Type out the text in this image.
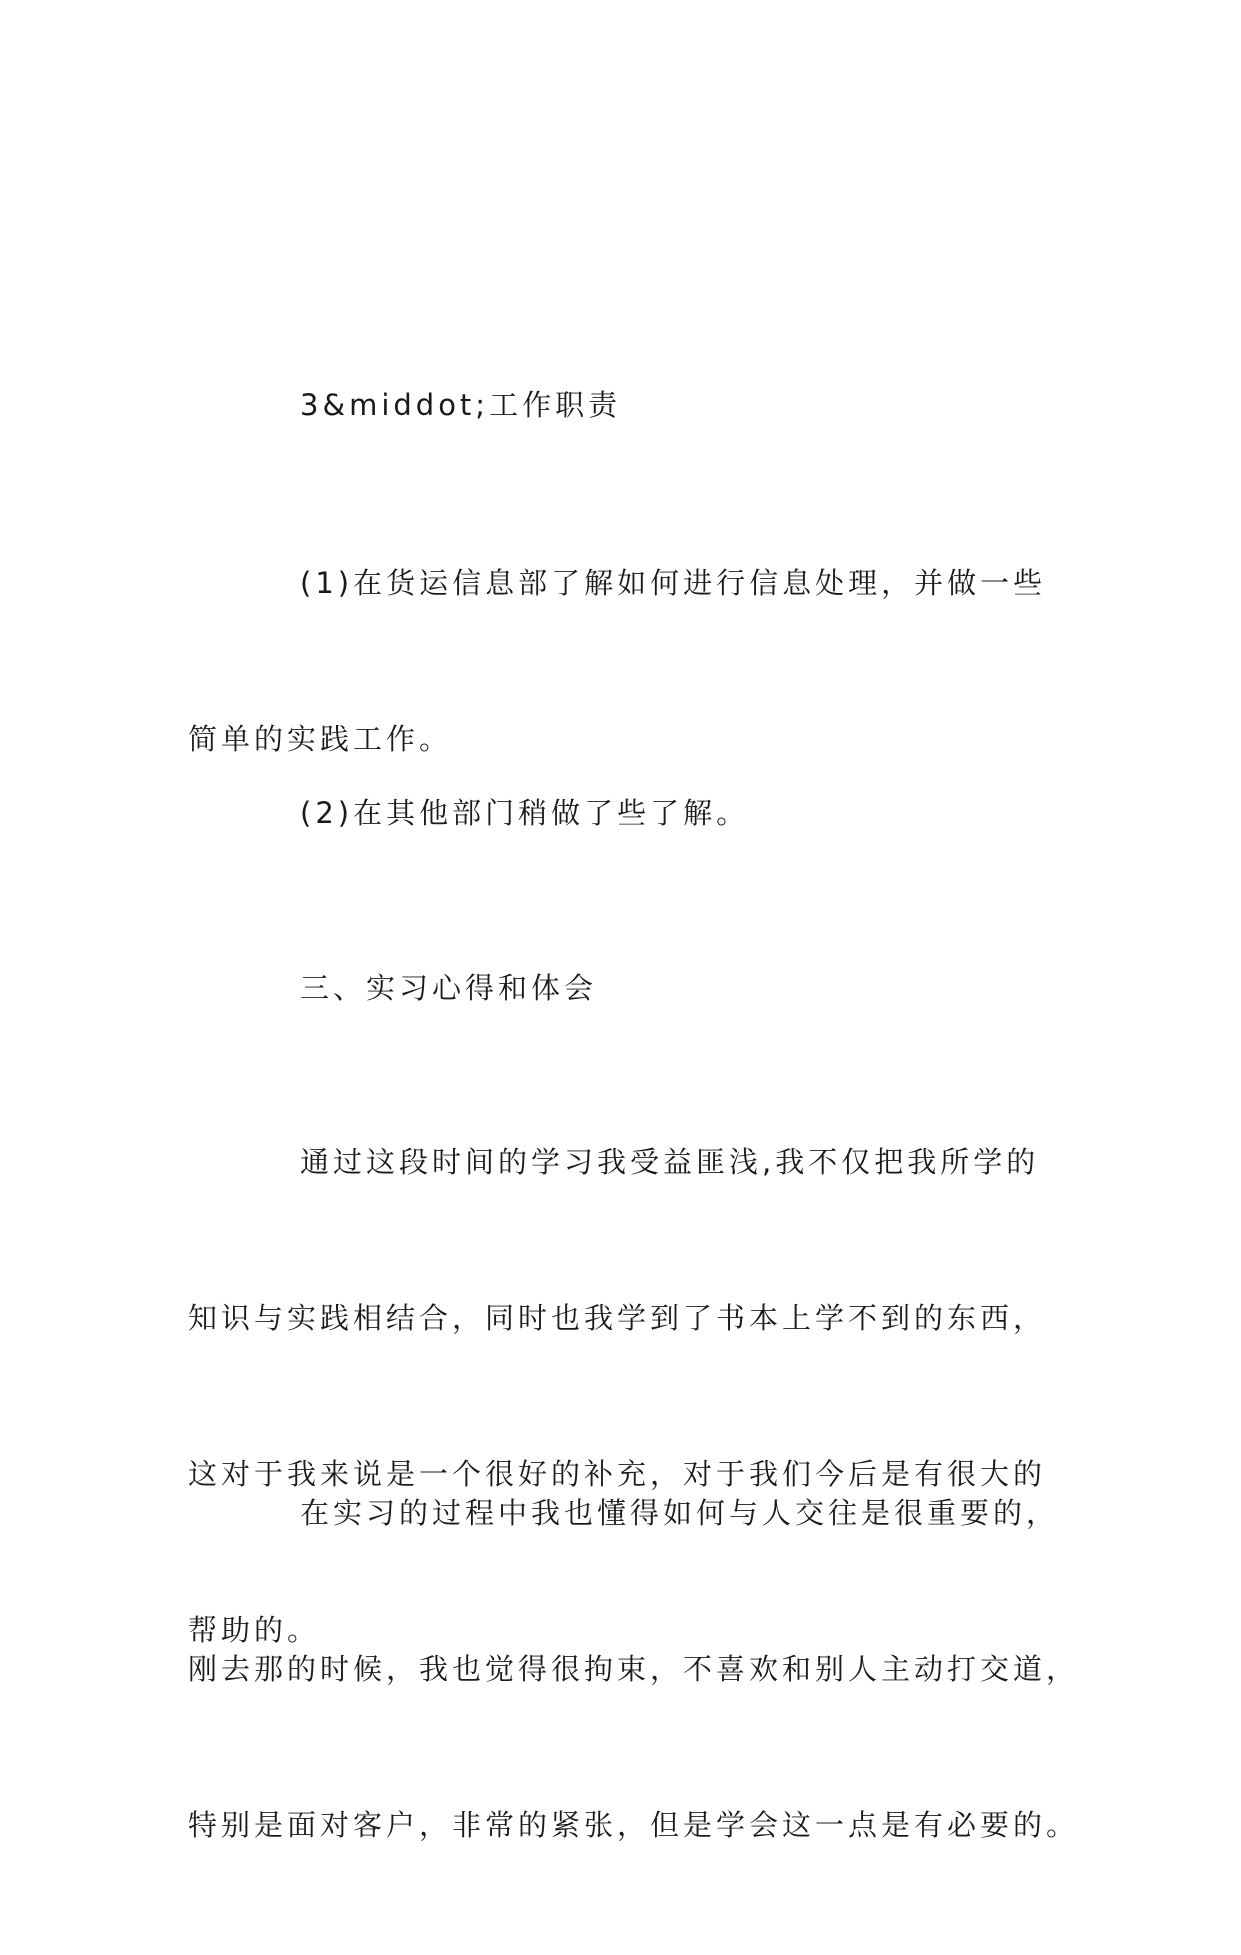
3&middot;工作职责

(1)在货运信息部了解如何进行信息处理，并做一些

简单的实践工作。

(2)在其他部门稍做了些了解。

三、实习心得和体会

通过这段时间的学习我受益匪浅,我不仅把我所学的

知识与实践相结合，同时也我学到了书本上学不到的东西，

这对于我来说是一个很好的补充，对于我们今后是有很大的

帮助的。

在实习的过程中我也懂得如何与人交往是很重要的，

刚去那的时候，我也觉得很拘束，不喜欢和别人主动打交道，

特别是面对客户，非常的紧张，但是学会这一点是有必要的。
